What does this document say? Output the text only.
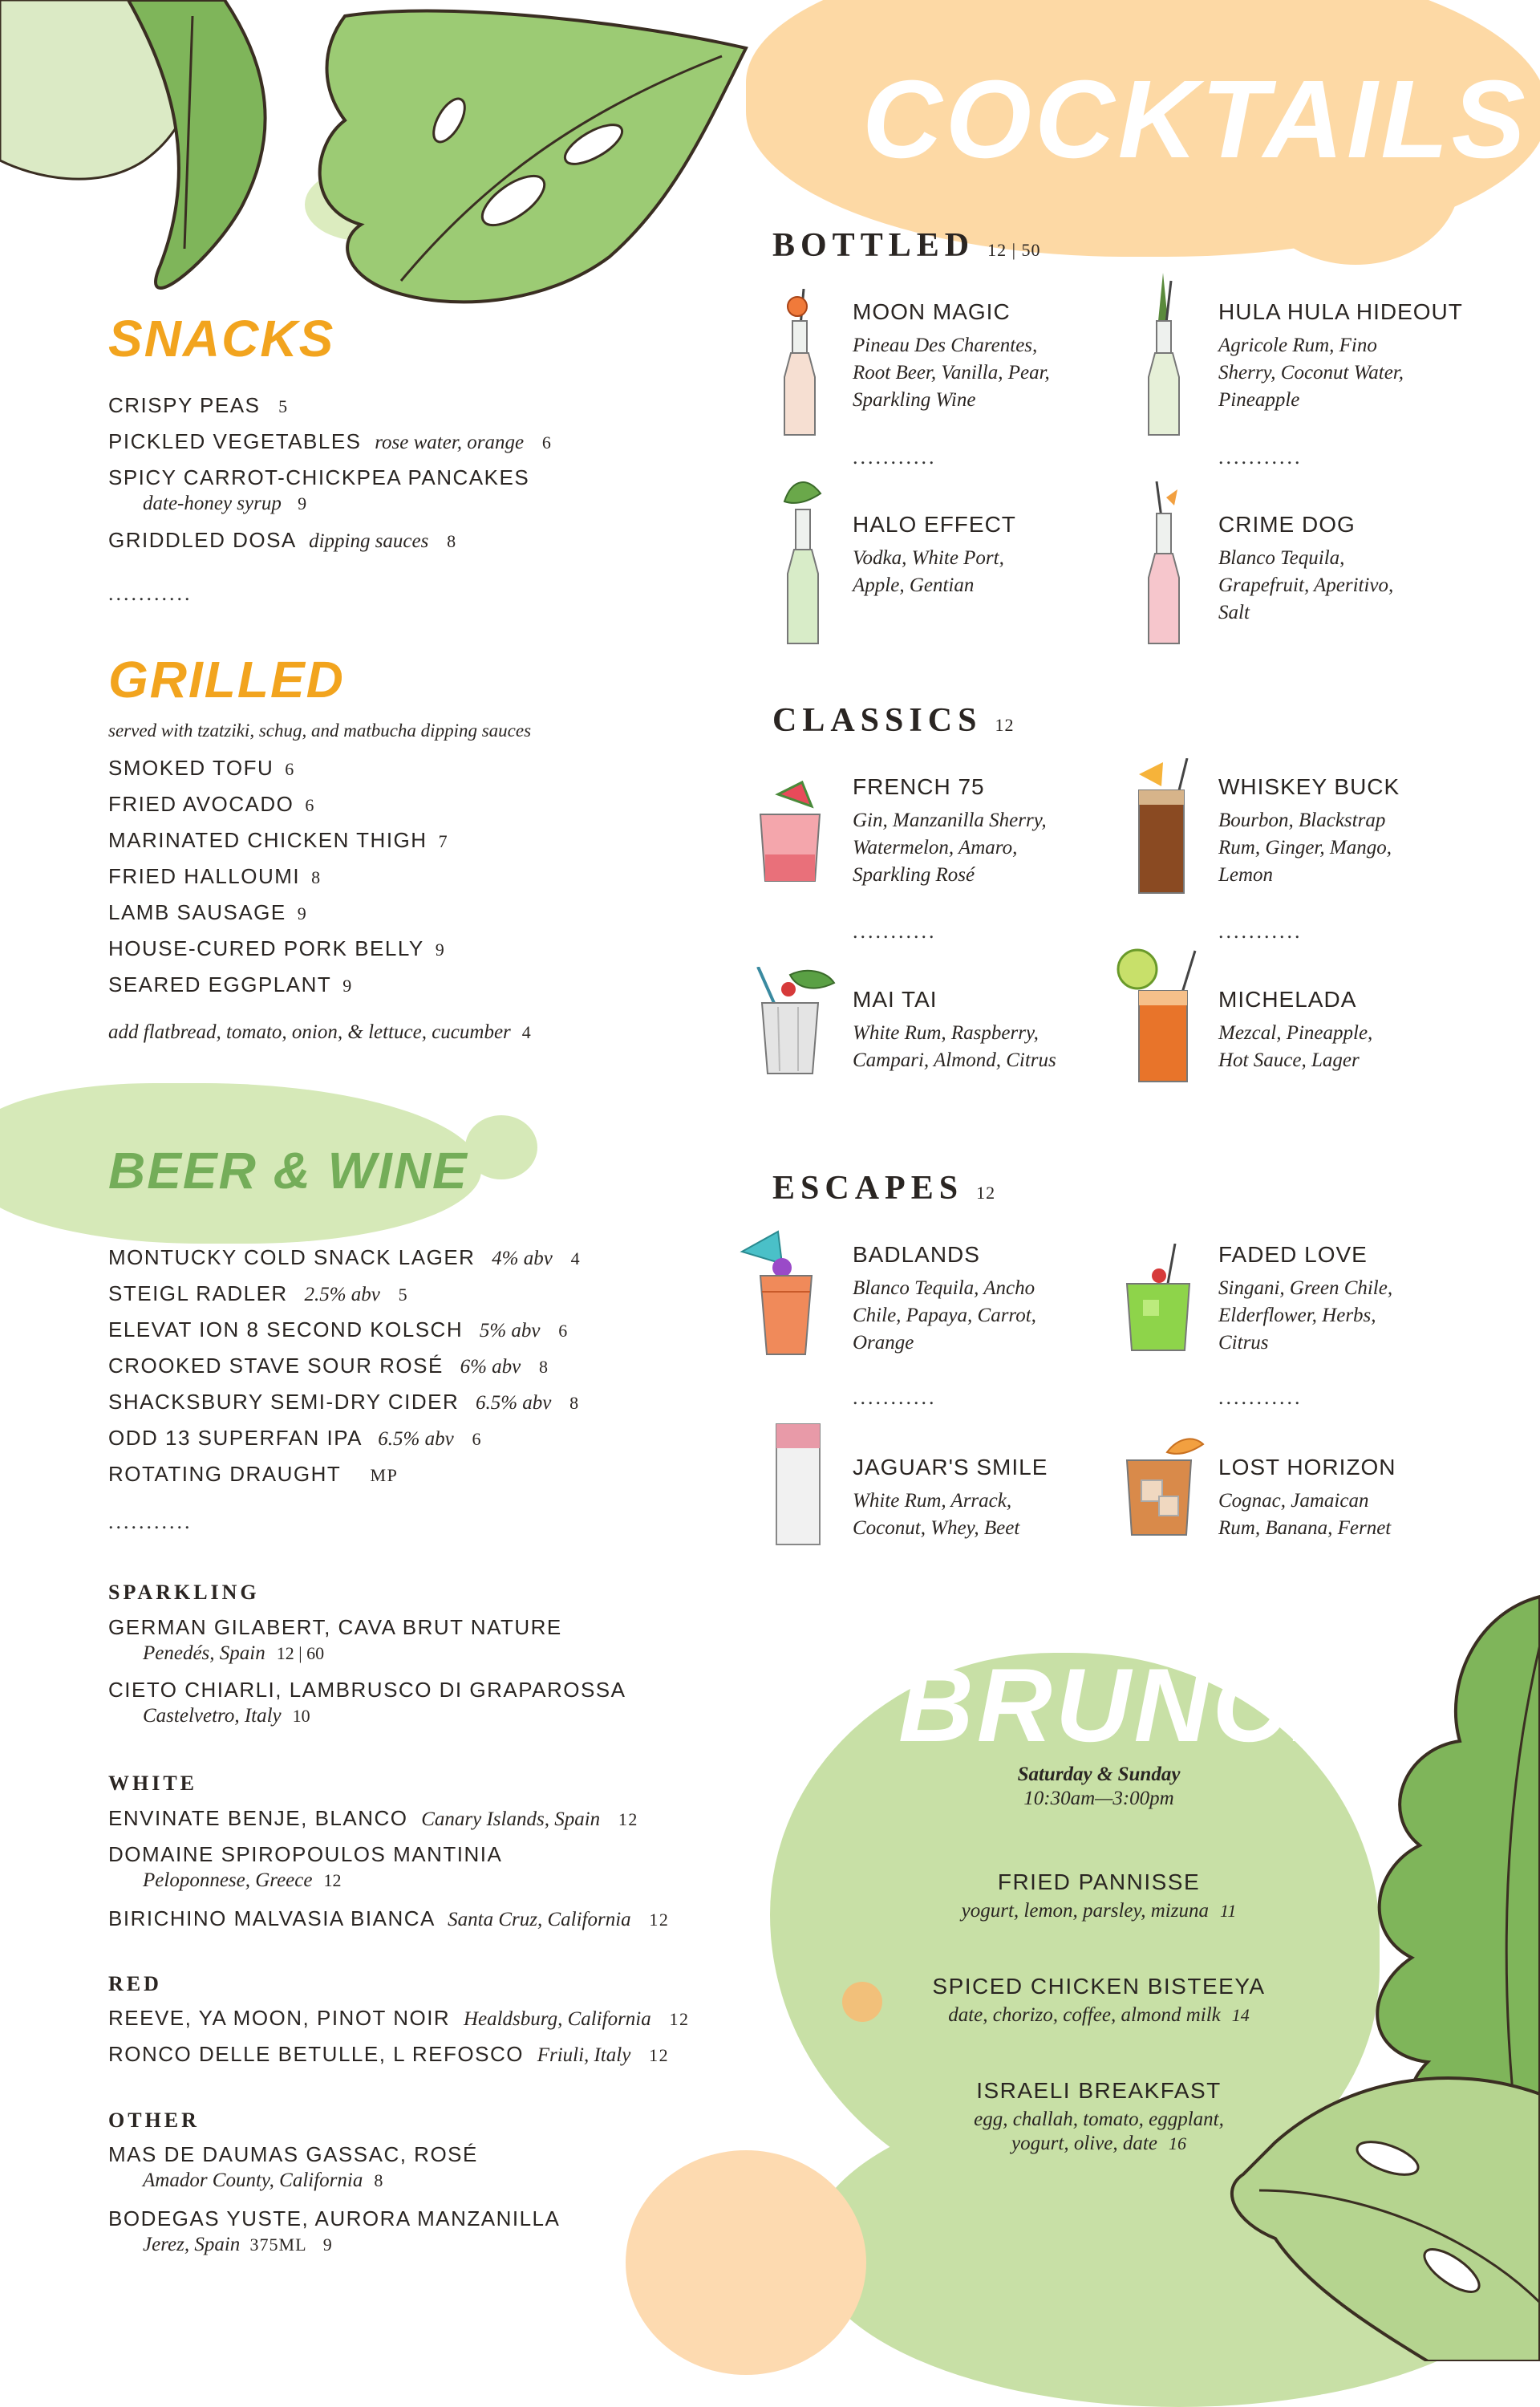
COCKTAILS
SNACKS
CRISPY PEAS 5
PICKLED VEGETABLES rose water, orange 6
SPICY CARROT-CHICKPEA PANCAKES
date-honey syrup 9
GRIDDLED DOSA dipping sauces 8
...........
GRILLED
served with tzatziki, schug, and matbucha dipping sauces
SMOKED TOFU 6
FRIED AVOCADO 6
MARINATED CHICKEN THIGH 7
FRIED HALLOUMI 8
LAMB SAUSAGE 9
HOUSE-CURED PORK BELLY 9
SEARED EGGPLANT 9
add flatbread, tomato, onion, & lettuce, cucumber 4
BEER & WINE
MONTUCKY COLD SNACK LAGER 4% abv 4
STEIGL RADLER 2.5% abv 5
ELEVAT ION 8 SECOND KOLSCH 5% abv 6
CROOKED STAVE SOUR ROSÉ 6% abv 8
SHACKSBURY SEMI-DRY CIDER 6.5% abv 8
ODD 13 SUPERFAN IPA 6.5% abv 6
ROTATING DRAUGHT MP
...........
SPARKLING
GERMAN GILABERT, CAVA BRUT NATURE
Penedés, Spain 12 | 60
CIETO CHIARLI, LAMBRUSCO DI GRAPAROSSA
Castelvetro, Italy 10
WHITE
ENVINATE BENJE, BLANCO Canary Islands, Spain 12
DOMAINE SPIROPOULOS MANTINIA
Peloponnese, Greece 12
BIRICHINO MALVASIA BIANCA Santa Cruz, California 12
RED
REEVE, YA MOON, PINOT NOIR Healdsburg, California 12
RONCO DELLE BETULLE, L REFOSCO Friuli, Italy 12
OTHER
MAS DE DAUMAS GASSAC, ROSÉ
Amador County, California 8
BODEGAS YUSTE, AURORA MANZANILLA
Jerez, Spain 375ML 9
BOTTLED 12 | 50
MOON MAGIC
Pineau Des Charentes,
Root Beer, Vanilla, Pear,
Sparkling Wine
HULA HULA HIDEOUT
Agricole Rum, Fino
Sherry, Coconut Water,
Pineapple
...........	...........
HALO EFFECT
Vodka, White Port,
Apple, Gentian
CRIME DOG
Blanco Tequila,
Grapefruit, Aperitivo,
Salt
CLASSICS 12
FRENCH 75
Gin, Manzanilla Sherry,
Watermelon, Amaro,
Sparkling Rosé
WHISKEY BUCK
Bourbon, Blackstrap
Rum, Ginger, Mango,
Lemon
...........	...........
MAI TAI
White Rum, Raspberry,
Campari, Almond, Citrus
MICHELADA
Mezcal, Pineapple,
Hot Sauce, Lager
ESCAPES 12
BADLANDS
Blanco Tequila, Ancho
Chile, Papaya, Carrot,
Orange
FADED LOVE
Singani, Green Chile,
Elderflower, Herbs,
Citrus
...........	...........
JAGUAR'S SMILE
White Rum, Arrack,
Coconut, Whey, Beet
LOST HORIZON
Cognac, Jamaican
Rum, Banana, Fernet
BRUNCH
Saturday & Sunday
10:30am—3:00pm
FRIED PANNISSE
yogurt, lemon, parsley, mizuna 11
SPICED CHICKEN BISTEEYA
date, chorizo, coffee, almond milk 14
ISRAELI BREAKFAST
egg, challah, tomato, eggplant,
yogurt, olive, date 16
